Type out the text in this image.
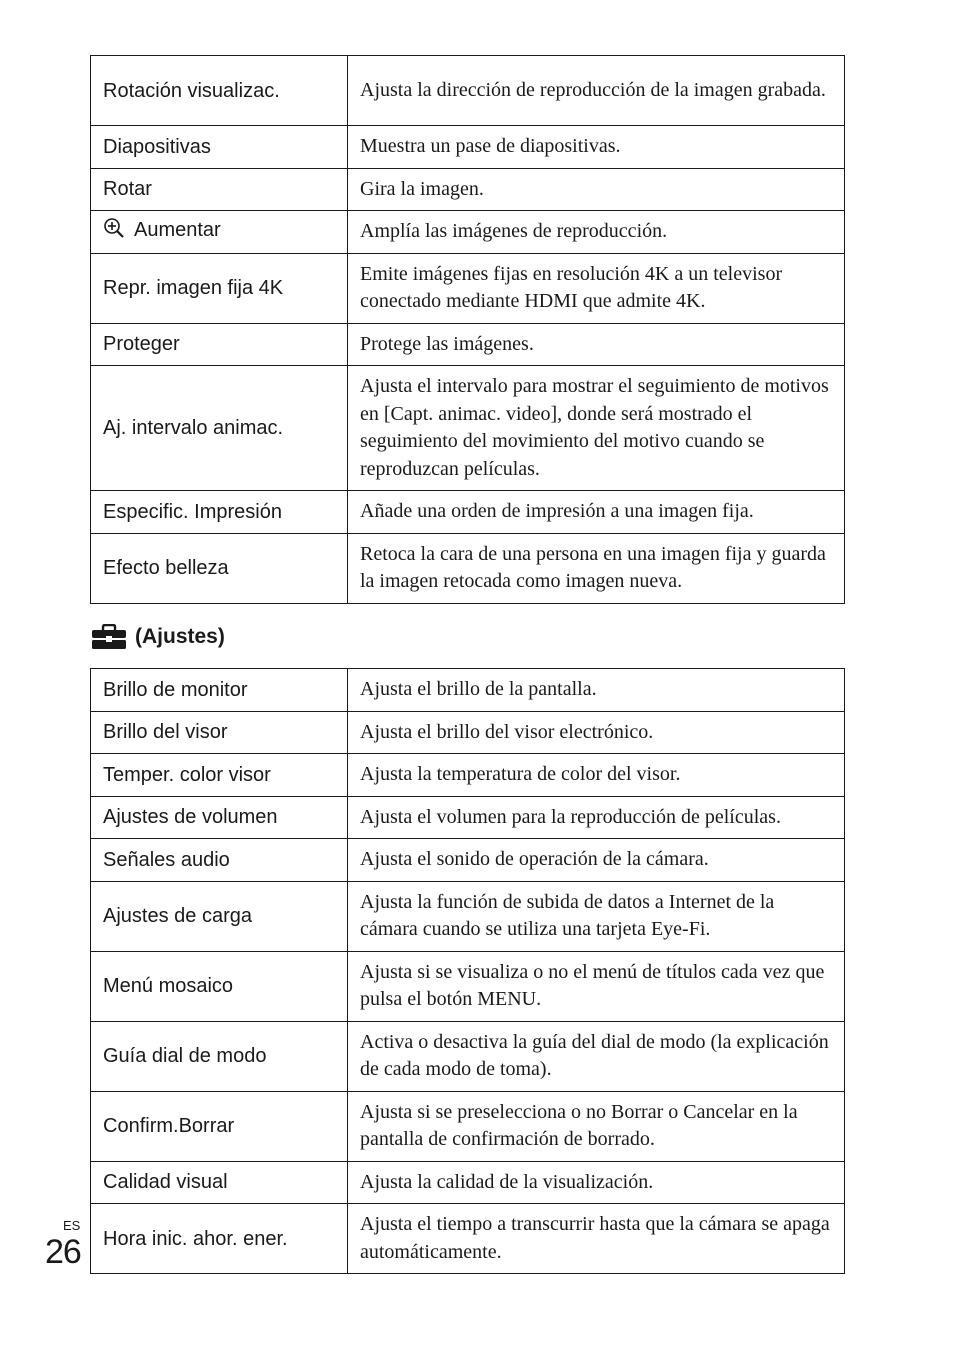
Rotación visualizac.	Ajusta la dirección de reproducción de la imagen grabada.
Diapositivas	Muestra un pase de diapositivas.
Rotar	Gira la imagen.
Aumentar	Amplía las imágenes de reproducción.
Repr. imagen fija 4K	Emite imágenes fijas en resolución 4K a un televisor conectado mediante HDMI que admite 4K.
Proteger	Protege las imágenes.
Aj. intervalo animac.	Ajusta el intervalo para mostrar el seguimiento de motivos en [Capt. animac. video], donde será mostrado el seguimiento del movimiento del motivo cuando se reproduzcan películas.
Especific. Impresión	Añade una orden de impresión a una imagen fija.
Efecto belleza	Retoca la cara de una persona en una imagen fija y guarda la imagen retocada como imagen nueva.
(Ajustes)
Brillo de monitor	Ajusta el brillo de la pantalla.
Brillo del visor	Ajusta el brillo del visor electrónico.
Temper. color visor	Ajusta la temperatura de color del visor.
Ajustes de volumen	Ajusta el volumen para la reproducción de películas.
Señales audio	Ajusta el sonido de operación de la cámara.
Ajustes de carga	Ajusta la función de subida de datos a Internet de la cámara cuando se utiliza una tarjeta Eye-Fi.
Menú mosaico	Ajusta si se visualiza o no el menú de títulos cada vez que pulsa el botón MENU.
Guía dial de modo	Activa o desactiva la guía del dial de modo (la explicación de cada modo de toma).
Confirm.Borrar	Ajusta si se preselecciona o no Borrar o Cancelar en la pantalla de confirmación de borrado.
Calidad visual	Ajusta la calidad de la visualización.
Hora inic. ahor. ener.	Ajusta el tiempo a transcurrir hasta que la cámara se apaga automáticamente.
ES
26
